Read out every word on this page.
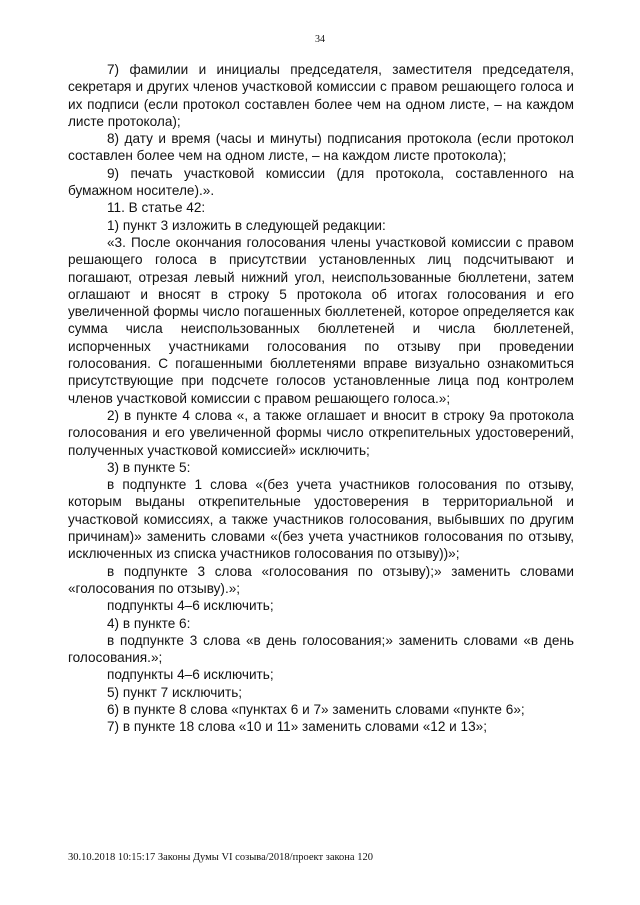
34

7) фамилии и инициалы председателя, заместителя председателя, секретаря и других членов участковой комиссии с правом решающего голоса и их подписи (если протокол составлен более чем на одном листе, – на каждом листе протокола);

8) дату и время (часы и минуты) подписания протокола (если протокол составлен более чем на одном листе, – на каждом листе протокола);

9) печать участковой комиссии (для протокола, составленного на бумажном носителе).».

11. В статье 42:

1) пункт 3 изложить в следующей редакции:

«3. После окончания голосования члены участковой комиссии с правом решающего голоса в присутствии установленных лиц подсчитывают и погашают, отрезая левый нижний угол, неиспользованные бюллетени, затем оглашают и вносят в строку 5 протокола об итогах голосования и его увеличенной формы число погашенных бюллетеней, которое определяется как сумма числа неиспользованных бюллетеней и числа бюллетеней, испорченных участниками голосования по отзыву при проведении голосования. С погашенными бюллетенями вправе визуально ознакомиться присутствующие при подсчете голосов установленные лица под контролем членов участковой комиссии с правом решающего голоса.»;

2) в пункте 4 слова «, а также оглашает и вносит в строку 9а протокола голосования и его увеличенной формы число открепительных удостоверений, полученных участковой комиссией» исключить;

3) в пункте 5:

в подпункте 1 слова «(без учета участников голосования по отзыву, которым выданы открепительные удостоверения в территориальной и участковой комиссиях, а также участников голосования, выбывших по другим причинам)» заменить словами «(без учета участников голосования по отзыву, исключенных из списка участников голосования по отзыву))»;

в подпункте 3 слова «голосования по отзыву);» заменить словами «голосования по отзыву).»;

подпункты 4–6 исключить;

4) в пункте 6:

в подпункте 3 слова «в день голосования;» заменить словами «в день голосования.»;

подпункты 4–6 исключить;

5) пункт 7 исключить;

6) в пункте 8 слова «пунктах 6 и 7» заменить словами «пункте 6»;

7) в пункте 18 слова «10 и 11» заменить словами «12 и 13»;

30.10.2018 10:15:17 Законы Думы VI созыва/2018/проект закона 120
